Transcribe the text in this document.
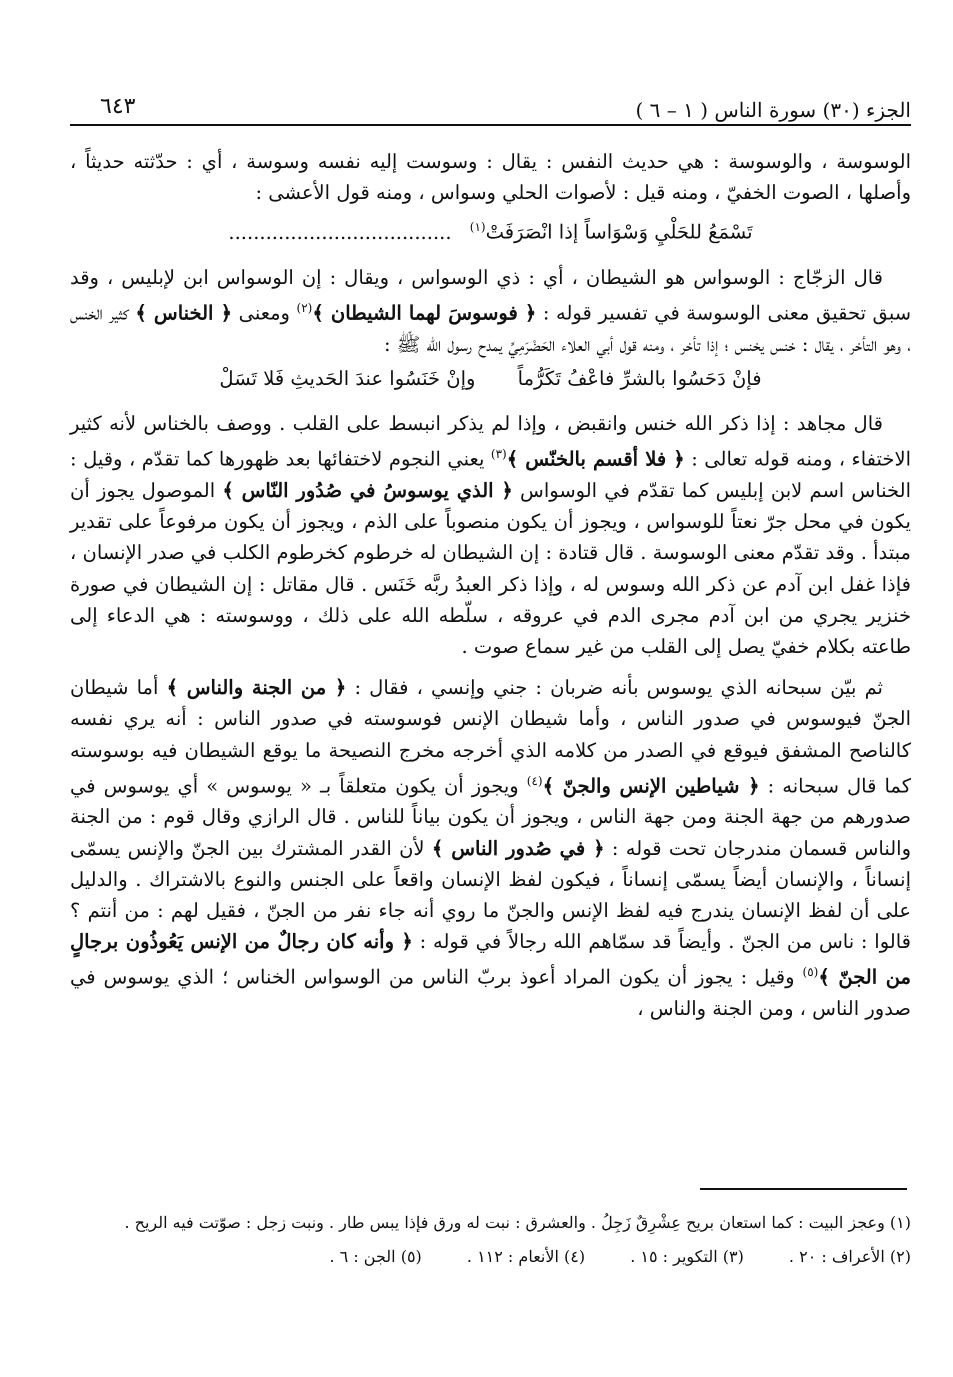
الجزء (٣٠) سورة الناس ( ١ – ٦ )
٦٤٣

الوسوسة ، والوسوسة : هي حديث النفس : يقال : وسوست إليه نفسه وسوسة ، أي : حدّثته حديثاً ، وأصلها ، الصوت الخفيّ ، ومنه قيل : لأصوات الحلي وسواس ، ومنه قول الأعشى :

تَسْمَعُ للحَلْيِ وَسْوَاساً إذا انْصَرَفَتْ$^{(١)}$ ....................................

قال الزجّاج : الوسواس هو الشيطان ، أي : ذي الوسواس ، ويقال : إن الوسواس ابن لإبليس ، وقد سبق تحقيق معنى الوسوسة في تفسير قوله : ﴿ فوسوسَ لهما الشيطان ﴾$^{(٢)}$ ومعنى ﴿ الخناس ﴾ كثير الخنس ، وهو التأخر ، يقال : خنس يخنس ؛ إذا تأخر ، ومنه قول أبي العلاء الحَضْرَمِيِّ يمدح رسول الله ﷺ :

فإنْ دَحَسُوا بالشرِّ فاعْفُ تَكَرُّماً وإنْ خَنَسُوا عندَ الحَديثِ فَلا تَسَلْ

قال مجاهد : إذا ذكر الله خنس وانقبض ، وإذا لم يذكر انبسط على القلب . ووصف بالخناس لأنه كثير الاختفاء ، ومنه قوله تعالى : ﴿ فلا أقسم بالخنّس ﴾$^{(٣)}$ يعني النجوم لاختفائها بعد ظهورها كما تقدّم ، وقيل : الخناس اسم لابن إبليس كما تقدّم في الوسواس ﴿ الذي يوسوسُ في صُدُور النّاس ﴾ الموصول يجوز أن يكون في محل جرّ نعتاً للوسواس ، ويجوز أن يكون منصوباً على الذم ، ويجوز أن يكون مرفوعاً على تقدير مبتدأ . وقد تقدّم معنى الوسوسة . قال قتادة : إن الشيطان له خرطوم كخرطوم الكلب في صدر الإنسان ، فإذا غفل ابن آدم عن ذكر الله وسوس له ، وإذا ذكر العبدُ ربَّه خَنَس . قال مقاتل : إن الشيطان في صورة خنزير يجري من ابن آدم مجرى الدم في عروقه ، سلّطه الله على ذلك ، ووسوسته : هي الدعاء إلى طاعته بكلام خفيّ يصل إلى القلب من غير سماع صوت .

ثم بيّن سبحانه الذي يوسوس بأنه ضربان : جني وإنسي ، فقال : ﴿ من الجنة والناس ﴾ أما شيطان الجنّ فيوسوس في صدور الناس ، وأما شيطان الإنس فوسوسته في صدور الناس : أنه يري نفسه كالناصح المشفق فيوقع في الصدر من كلامه الذي أخرجه مخرج النصيحة ما يوقع الشيطان فيه بوسوسته كما قال سبحانه : ﴿ شياطين الإنس والجنّ ﴾$^{(٤)}$ ويجوز أن يكون متعلقاً بـ « يوسوس » أي يوسوس في صدورهم من جهة الجنة ومن جهة الناس ، ويجوز أن يكون بياناً للناس . قال الرازي وقال قوم : من الجنة والناس قسمان مندرجان تحت قوله : ﴿ في صُدور الناس ﴾ لأن القدر المشترك بين الجنّ والإنس يسمّى إنساناً ، والإنسان أيضاً يسمّى إنساناً ، فيكون لفظ الإنسان واقعاً على الجنس والنوع بالاشتراك . والدليل على أن لفظ الإنسان يندرج فيه لفظ الإنس والجنّ ما روي أنه جاء نفر من الجنّ ، فقيل لهم : من أنتم ؟ قالوا : ناس من الجنّ . وأيضاً قد سمّاهم الله رجالاً في قوله : ﴿ وأنه كان رجالٌ من الإنس يَعُوذُون برجالٍ من الجنّ ﴾$^{(٥)}$ وقيل : يجوز أن يكون المراد أعوذ بربّ الناس من الوسواس الخناس ؛ الذي يوسوس في صدور الناس ، ومن الجنة والناس ،

(١) وعجز البيت : كما استعان بريح عِشْرِقٌ زَجِلُ . والعشرق : نبت له ورق فإذا يبس طار . ونبت زجل : صوّتت فيه الريح .

(٢) الأعراف : ٢٠ . (٣) التكوير : ١٥ . (٤) الأنعام : ١١٢ . (٥) الجن : ٦ .
